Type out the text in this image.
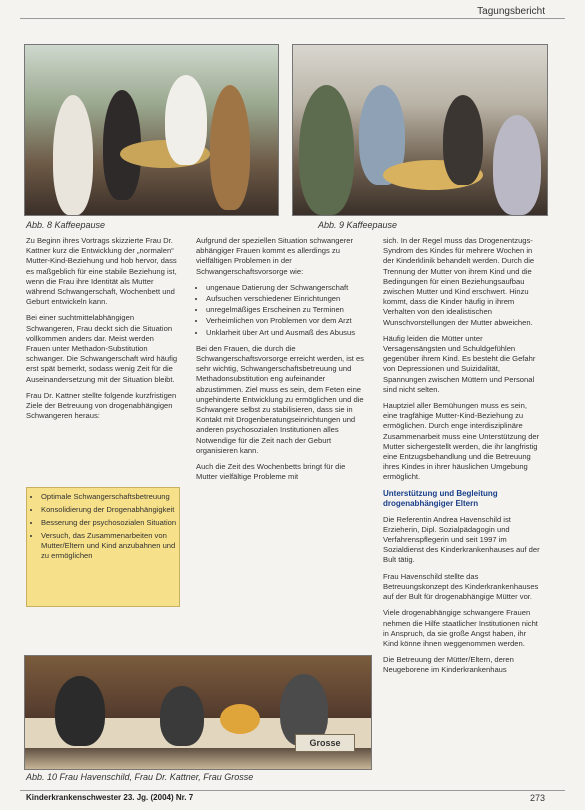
Tagungsbericht
Abb. 8 Kaffeepause	Abb. 9 Kaffeepause

Zu Beginn ihres Vortrags skizzierte Frau Dr. Kattner kurz die Entwicklung der „normalen“ Mutter-Kind-Beziehung und hob hervor, dass es maßgeblich für eine stabile Beziehung ist, wenn die Frau ihre Identität als Mutter während Schwangerschaft, Wochenbett und Geburt entwickeln kann.

Bei einer suchtmittelabhängigen Schwangeren, Frau deckt sich die Situation vollkommen anders dar. Meist werden Frauen unter Methadon-Substitution schwanger. Die Schwangerschaft wird häufig erst spät bemerkt, sodass wenig Zeit für die Auseinandersetzung mit der Situation bleibt.

Frau Dr. Kattner stellte folgende kurzfristigen Ziele der Betreuung von drogenabhängigen Schwangeren heraus:

• Optimale Schwangerschaftsbetreuung
• Konsolidierung der Drogenabhängigkeit
• Besserung der psychosozialen Situation
• Versuch, das Zusammenarbeiten von Mutter/Eltern und Kind anzubahnen und zu ermöglichen

Aufgrund der speziellen Situation schwangerer abhängiger Frauen kommt es allerdings zu vielfältigen Problemen in der Schwangerschaftsvorsorge wie:

• ungenaue Datierung der Schwangerschaft
• Aufsuchen verschiedener Einrichtungen
• unregelmäßiges Erscheinen zu Terminen
• Verheimlichen von Problemen vor dem Arzt
• Unklarheit über Art und Ausmaß des Abusus

Bei den Frauen, die durch die Schwangerschaftsvorsorge erreicht werden, ist es sehr wichtig, Schwangerschaftsbetreuung und Methadonsubstitution eng aufeinander abzustimmen. Ziel muss es sein, dem Feten eine ungehinderte Entwicklung zu ermöglichen und die Schwangere selbst zu stabilisieren, dass sie in Kontakt mit Drogenberatungseinrichtungen und anderen psychosozialen Institutionen alles Notwendige für die Zeit nach der Geburt organisieren kann.

Auch die Zeit des Wochenbetts bringt für die Mutter vielfältige Probleme mit

sich. In der Regel muss das Drogenentzugs-Syndrom des Kindes für mehrere Wochen in der Kinderklinik behandelt werden. Durch die Trennung der Mutter von ihrem Kind und die Bedingungen für einen Beziehungsaufbau zwischen Mutter und Kind erschwert. Hinzu kommt, dass die Kinder häufig in ihrem Verhalten von den idealistischen Wunschvorstellungen der Mutter abweichen.

Häufig leiden die Mütter unter Versagensängsten und Schuldgefühlen gegenüber ihrem Kind. Es besteht die Gefahr von Depressionen und Suizidalität, Spannungen zwischen Müttern und Personal sind nicht selten.

Hauptziel aller Bemühungen muss es sein, eine tragfähige Mutter-Kind-Beziehung zu ermöglichen. Durch enge interdisziplinäre Zusammenarbeit muss eine Unterstützung der Mutter sichergestellt werden, die ihr langfristig eine Entzugsbehandlung und die Betreuung ihres Kindes in ihrer häuslichen Umgebung ermöglicht.

Unterstützung und Begleitung drogenabhängiger Eltern

Die Referentin Andrea Havenschild ist Erzieherin, Dipl. Sozialpädagogin und Verfahrenspflegerin und seit 1997 im Sozialdienst des Kinderkrankenhauses auf der Bult tätig.

Frau Havenschild stellte das Betreuungskonzept des Kinderkrankenhauses auf der Bult für drogenabhängige Mütter vor.

Viele drogenabhängige schwangere Frauen nehmen die Hilfe staatlicher Institutionen nicht in Anspruch, da sie große Angst haben, ihr Kind könne ihnen weggenommen werden.

Die Betreuung der Mütter/Eltern, deren Neugeborene im Kinderkrankenhaus

Grosse
Abb. 10 Frau Havenschild, Frau Dr. Kattner, Frau Grosse
Kinderkrankenschwester 23. Jg. (2004) Nr. 7	273
